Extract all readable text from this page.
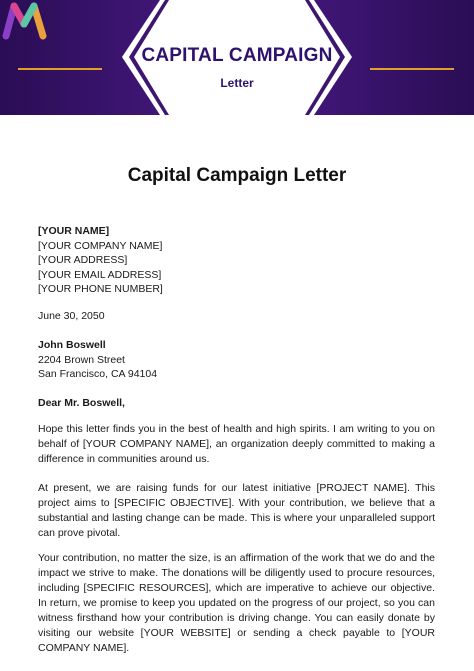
CAPITAL CAMPAIGN
Letter
Capital Campaign Letter
[YOUR NAME]
[YOUR COMPANY NAME]
[YOUR ADDRESS]
[YOUR EMAIL ADDRESS]
[YOUR PHONE NUMBER]
June 30, 2050
John Boswell
2204 Brown Street
San Francisco, CA 94104
Dear Mr. Boswell,

Hope this letter finds you in the best of health and high spirits. I am writing to you on behalf of [YOUR COMPANY NAME], an organization deeply committed to making a difference in communities around us.

At present, we are raising funds for our latest initiative [PROJECT NAME]. This project aims to [SPECIFIC OBJECTIVE]. With your contribution, we believe that a substantial and lasting change can be made. This is where your unparalleled support can prove pivotal.

Your contribution, no matter the size, is an affirmation of the work that we do and the impact we strive to make. The donations will be diligently used to procure resources, including [SPECIFIC RESOURCES], which are imperative to achieve our objective. In return, we promise to keep you updated on the progress of our project, so you can witness firsthand how your contribution is driving change. You can easily donate by visiting our website [YOUR WEBSITE] or sending a check payable to [YOUR COMPANY NAME].
